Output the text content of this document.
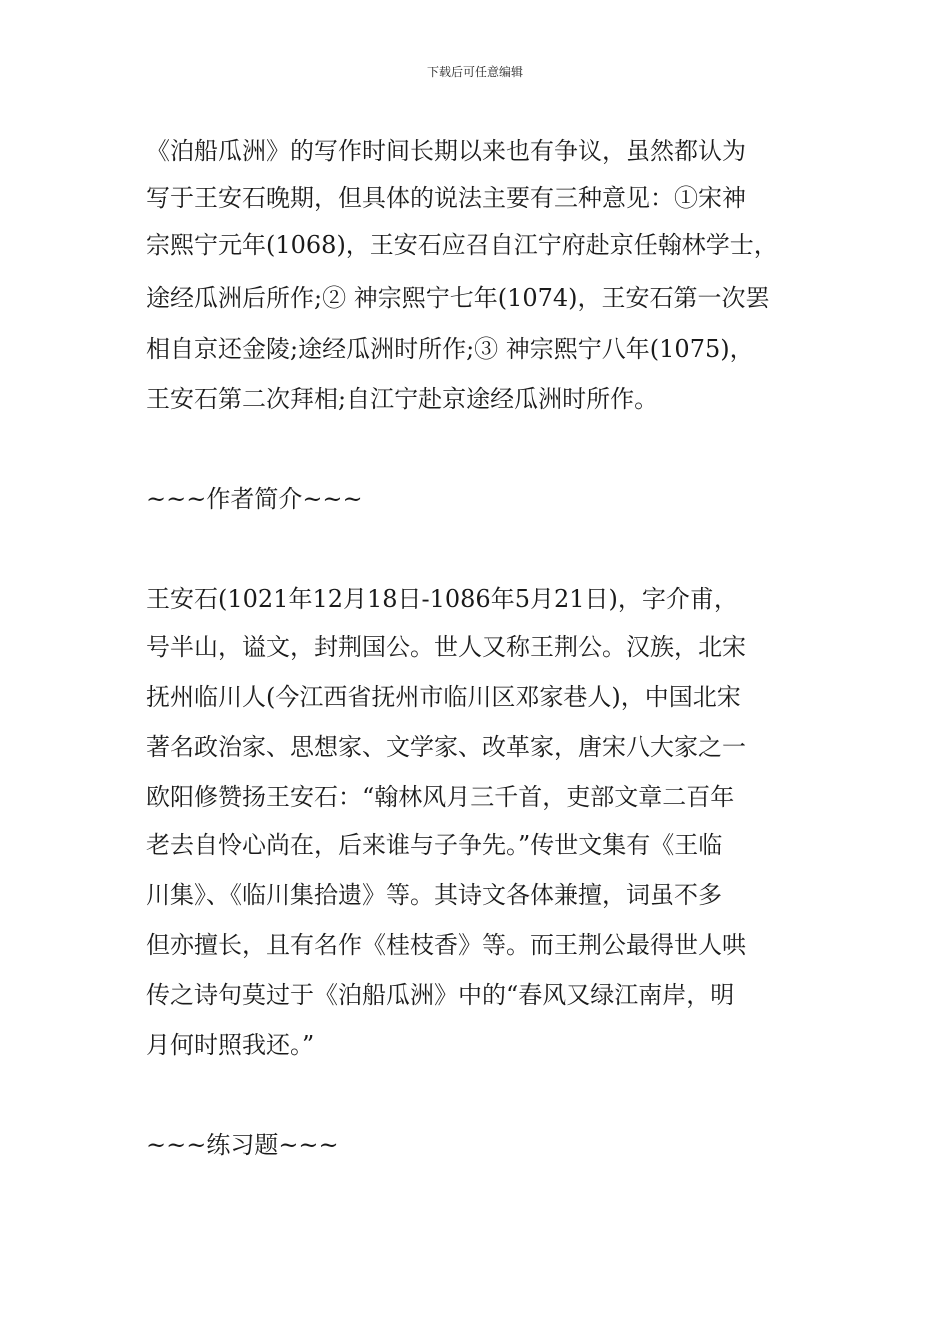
下载后可任意编辑
《泊船瓜洲》的写作时间长期以来也有争议，虽然都认为
写于王安石晚期，但具体的说法主要有三种意见：①宋神
宗熙宁元年(1068)，王安石应召自江宁府赴京任翰林学士，
途经瓜洲后所作;② 神宗熙宁七年(1074)，王安石第一次罢
相自京还金陵;途经瓜洲时所作;③ 神宗熙宁八年(1075)，
王安石第二次拜相;自江宁赴京途经瓜洲时所作。
~~~作者简介~~~
王安石(1021年12月18日-1086年5月21日)，字介甫，
号半山，谥文，封荆国公。世人又称王荆公。汉族，北宋
抚州临川人(今江西省抚州市临川区邓家巷人)，中国北宋
著名政治家、思想家、文学家、改革家，唐宋八大家之一
欧阳修赞扬王安石：“翰林风月三千首，吏部文章二百年
老去自怜心尚在，后来谁与子争先。”传世文集有《王临
川集》、《临川集拾遗》等。其诗文各体兼擅，词虽不多
但亦擅长，且有名作《桂枝香》等。而王荆公最得世人哄
传之诗句莫过于《泊船瓜洲》中的“春风又绿江南岸，明
月何时照我还。”
~~~练习题~~~
